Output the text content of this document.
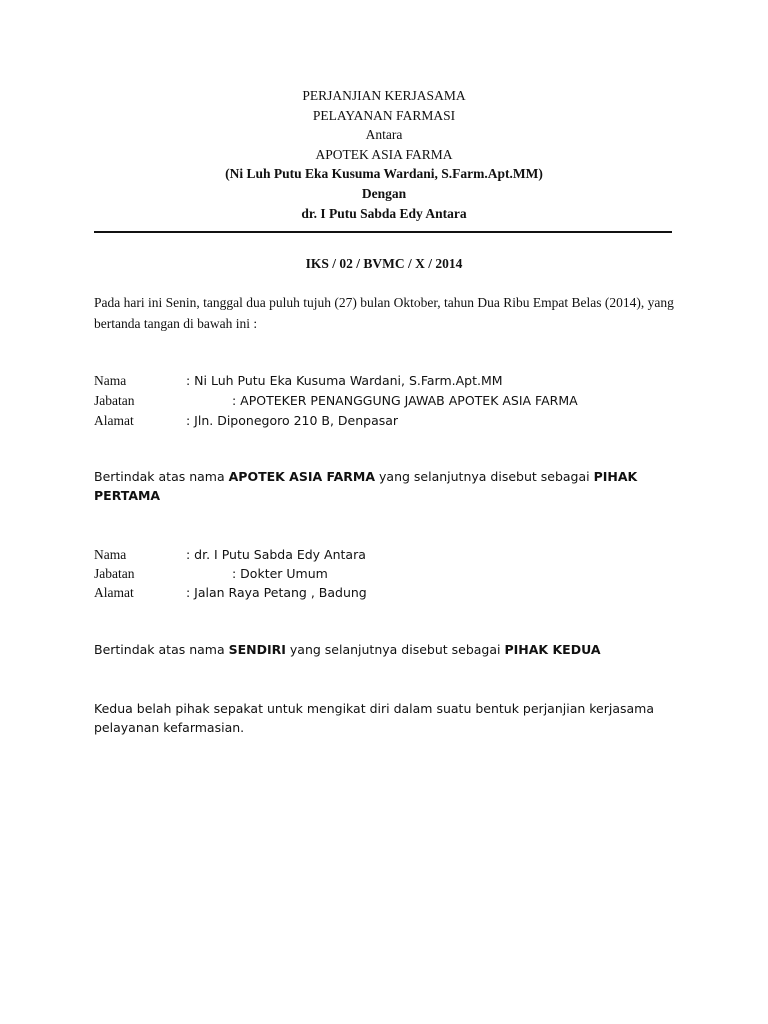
PERJANJIAN KERJASAMA
PELAYANAN FARMASI
Antara
APOTEK ASIA FARMA
(Ni Luh Putu Eka Kusuma Wardani, S.Farm.Apt.MM)
Dengan
dr. I Putu Sabda Edy Antara
IKS / 02 / BVMC / X / 2014
Pada hari ini Senin, tanggal dua puluh tujuh (27) bulan Oktober, tahun Dua Ribu Empat Belas (2014), yang bertanda tangan di bawah ini :
Nama	: Ni Luh Putu Eka Kusuma Wardani, S.Farm.Apt.MM
Jabatan	: APOTEKER PENANGGUNG JAWAB APOTEK ASIA FARMA
Alamat	: Jln. Diponegoro 210 B, Denpasar
Bertindak atas nama APOTEK ASIA FARMA yang selanjutnya disebut sebagai PIHAK PERTAMA
Nama	: dr. I Putu Sabda Edy Antara
Jabatan	: Dokter Umum
Alamat	: Jalan Raya Petang , Badung
Bertindak atas nama SENDIRI yang selanjutnya disebut sebagai PIHAK KEDUA
Kedua belah pihak sepakat untuk mengikat diri dalam suatu bentuk perjanjian kerjasama pelayanan kefarmasian.
